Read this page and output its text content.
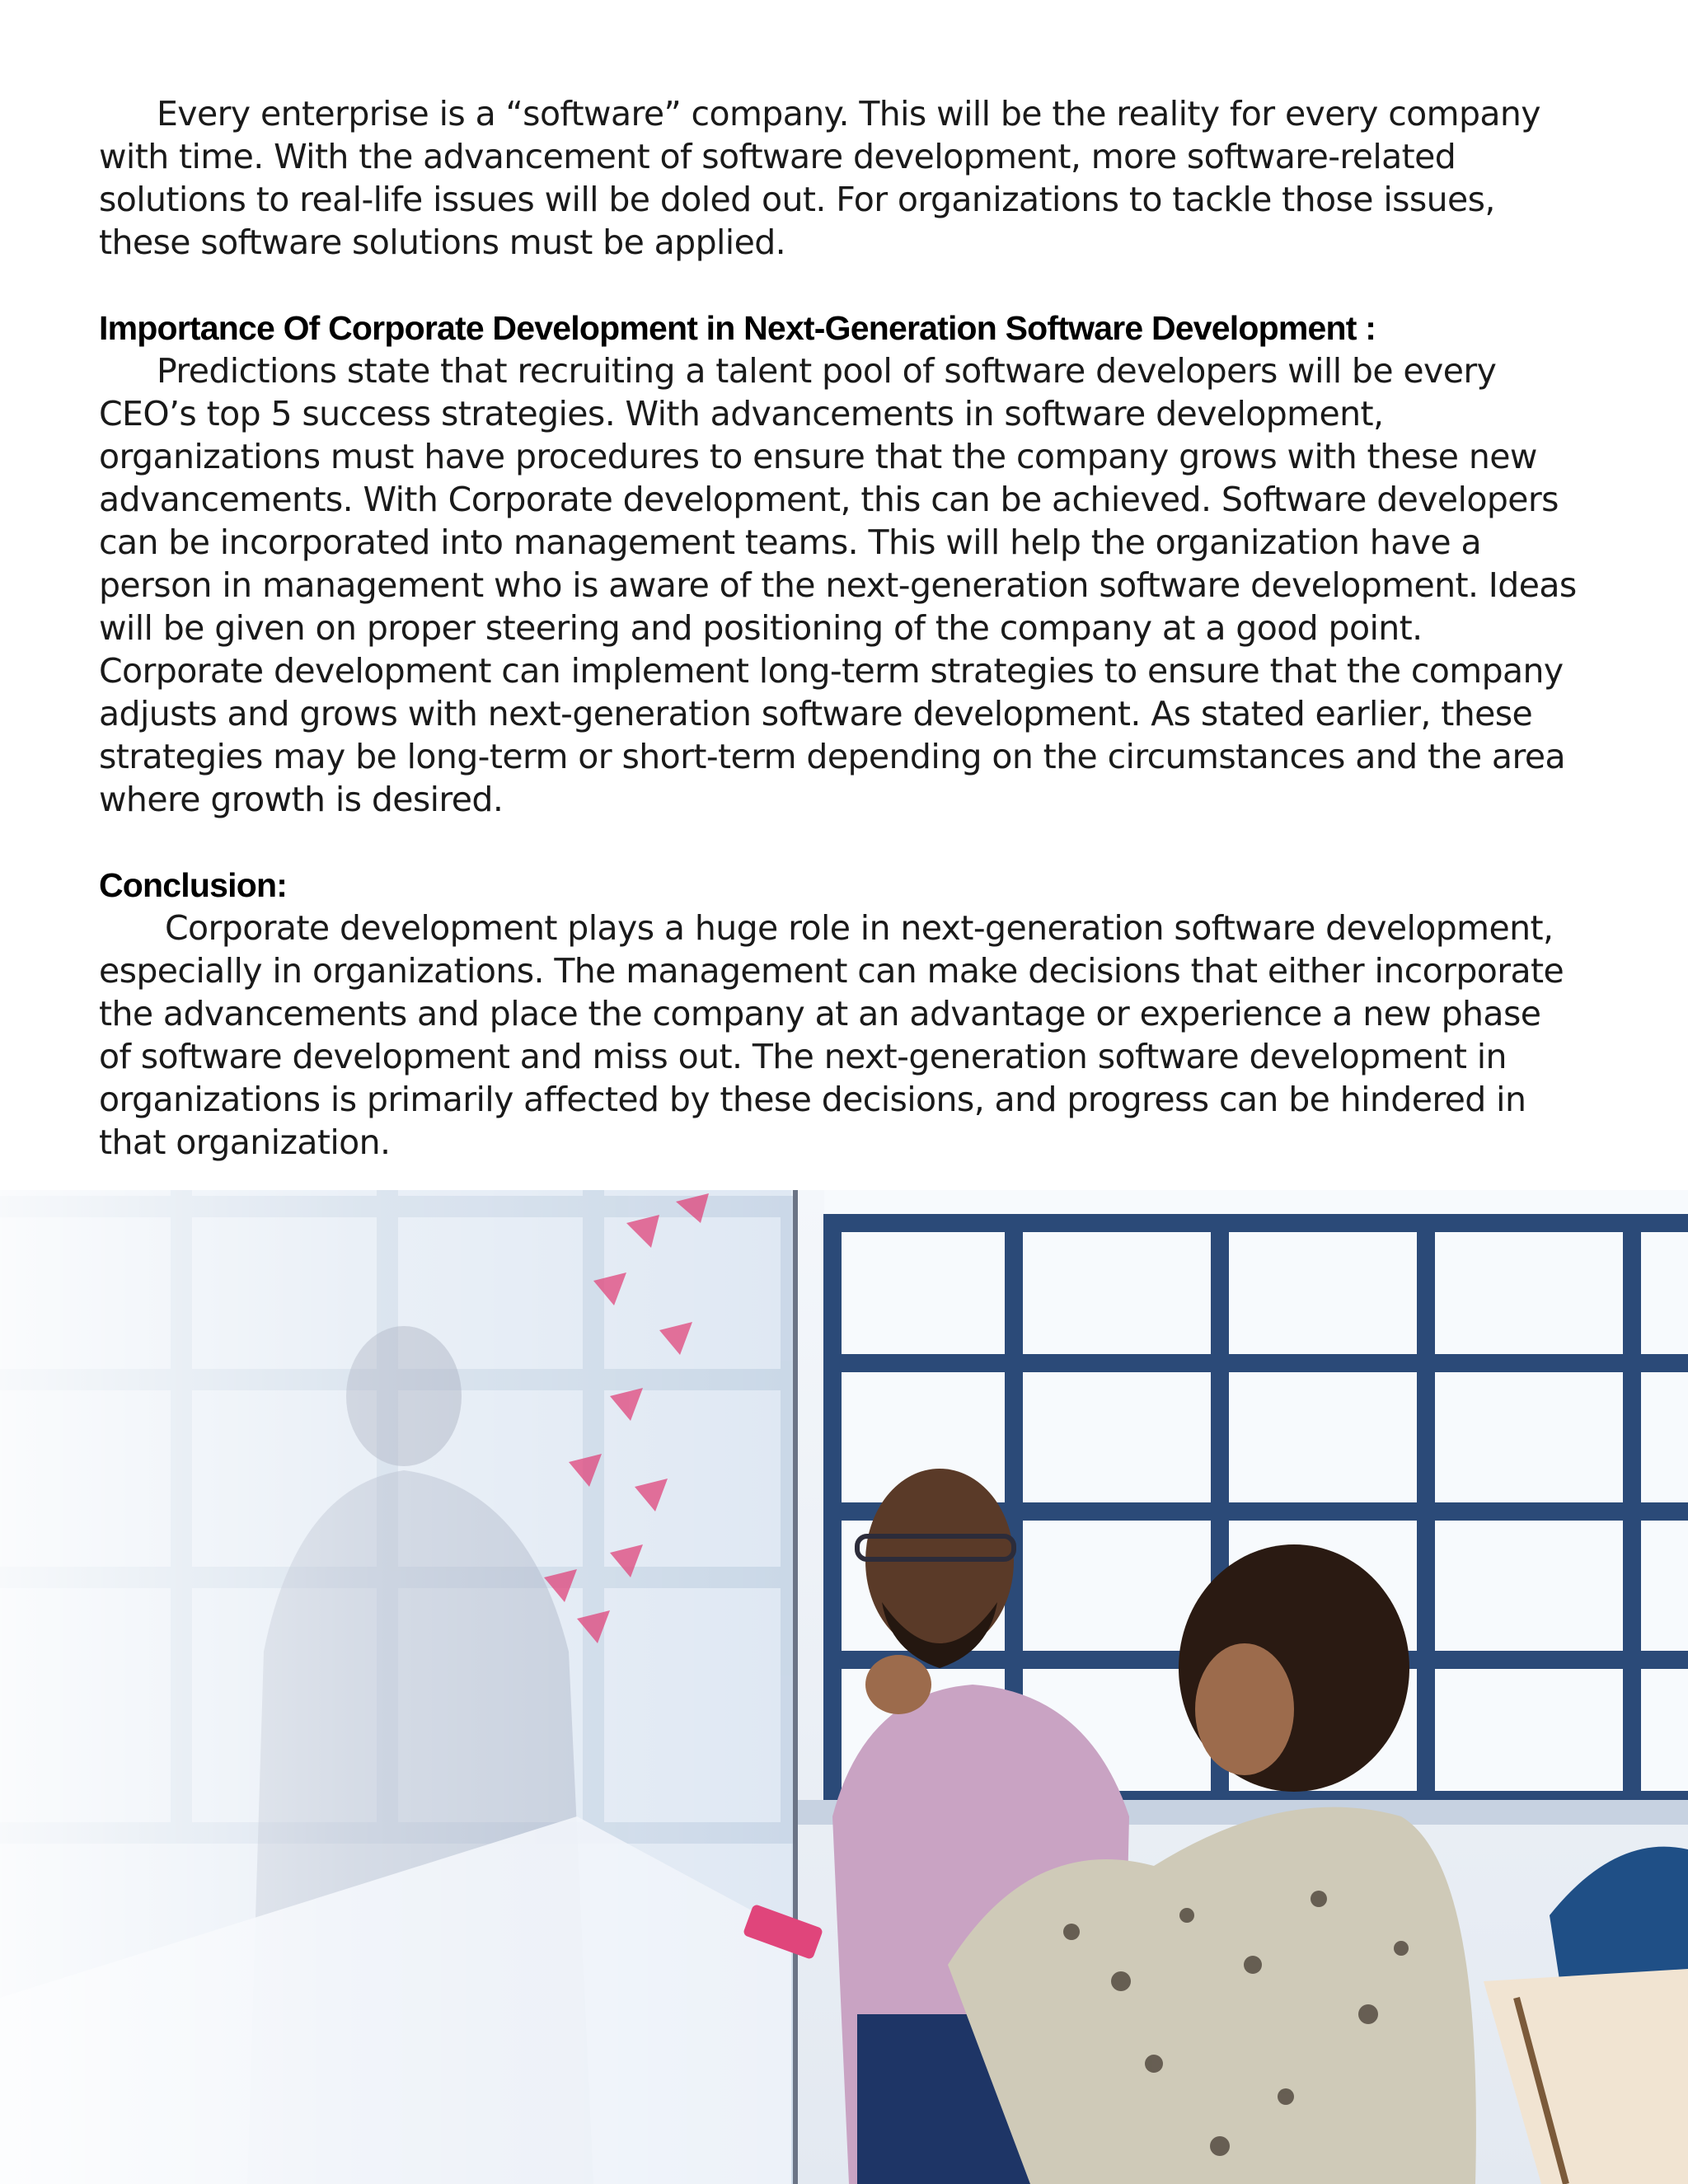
Every enterprise is a “software” company. This will be the reality for every company with time. With the advancement of software development, more software-related solutions to real-life issues will be doled out. For organizations to tackle those issues, these software solutions must be applied.

Importance Of Corporate Development in Next-Generation Software Development :

Predictions state that recruiting a talent pool of software developers will be every CEO’s top 5 success strategies. With advancements in software development, organizations must have procedures to ensure that the company grows with these new advancements. With Corporate development, this can be achieved. Software developers can be incorporated into management teams. This will help the organization have a person in management who is aware of the next-generation software development. Ideas will be given on proper steering and positioning of the company at a good point. Corporate development can implement long-term strategies to ensure that the company adjusts and grows with next-generation software development. As stated earlier, these strategies may be long-term or short-term depending on the circumstances and the area where growth is desired.

Conclusion:

Corporate development plays a huge role in next-generation software development, especially in organizations. The management can make decisions that either incorporate the advancements and place the company at an advantage or experience a new phase of software development and miss out. The next-generation software development in organizations is primarily affected by these decisions, and progress can be hindered in that organization.
